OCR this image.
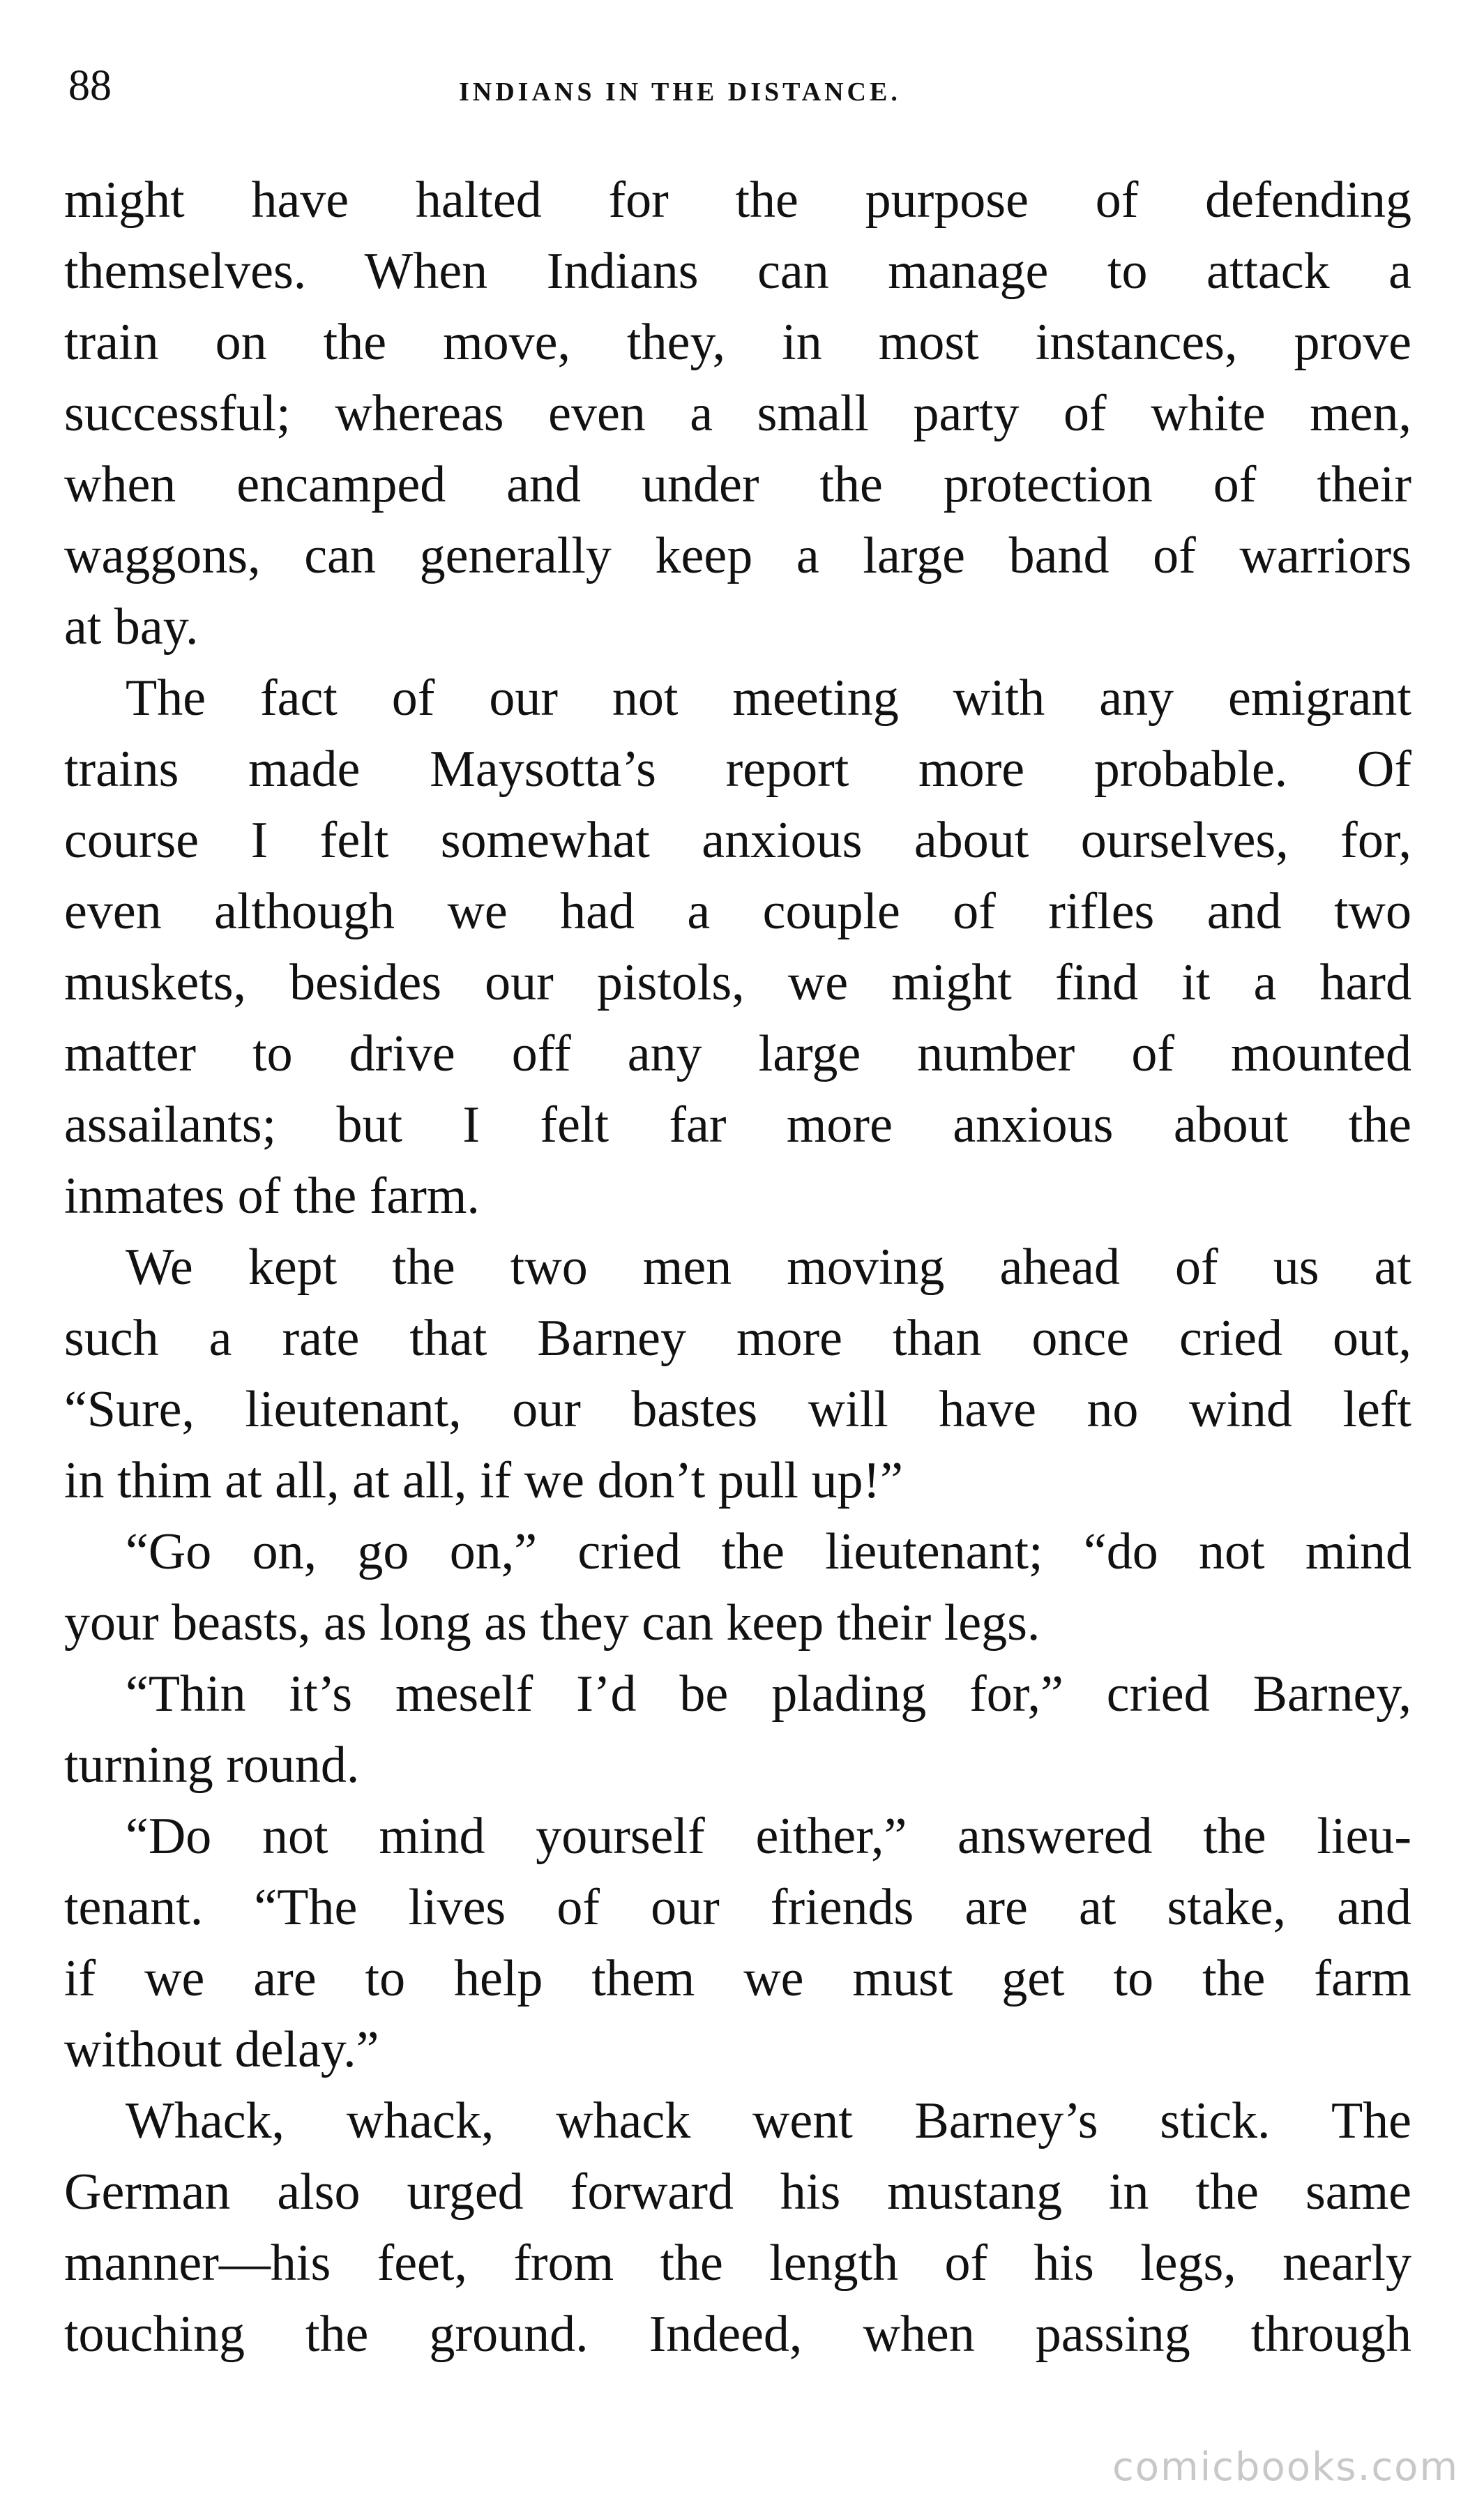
88	INDIANS IN THE DISTANCE.
might have halted for the purpose of defending
themselves. When Indians can manage to attack a
train on the move, they, in most instances, prove
successful; whereas even a small party of white men,
when encamped and under the protection of their
waggons, can generally keep a large band of warriors
at bay.
The fact of our not meeting with any emigrant
trains made Maysotta’s report more probable. Of
course I felt somewhat anxious about ourselves, for,
even although we had a couple of rifles and two
muskets, besides our pistols, we might find it a hard
matter to drive off any large number of mounted
assailants; but I felt far more anxious about the
inmates of the farm.
We kept the two men moving ahead of us at
such a rate that Barney more than once cried out,
“Sure, lieutenant, our bastes will have no wind left
in thim at all, at all, if we don’t pull up!”
“Go on, go on,” cried the lieutenant; “do not mind
your beasts, as long as they can keep their legs.
“Thin it’s meself I’d be plading for,” cried Barney,
turning round.
“Do not mind yourself either,” answered the lieu-
tenant. “The lives of our friends are at stake, and
if we are to help them we must get to the farm
without delay.”
Whack, whack, whack went Barney’s stick. The
German also urged forward his mustang in the same
manner—his feet, from the length of his legs, nearly
touching the ground. Indeed, when passing through
comicbooks.com
